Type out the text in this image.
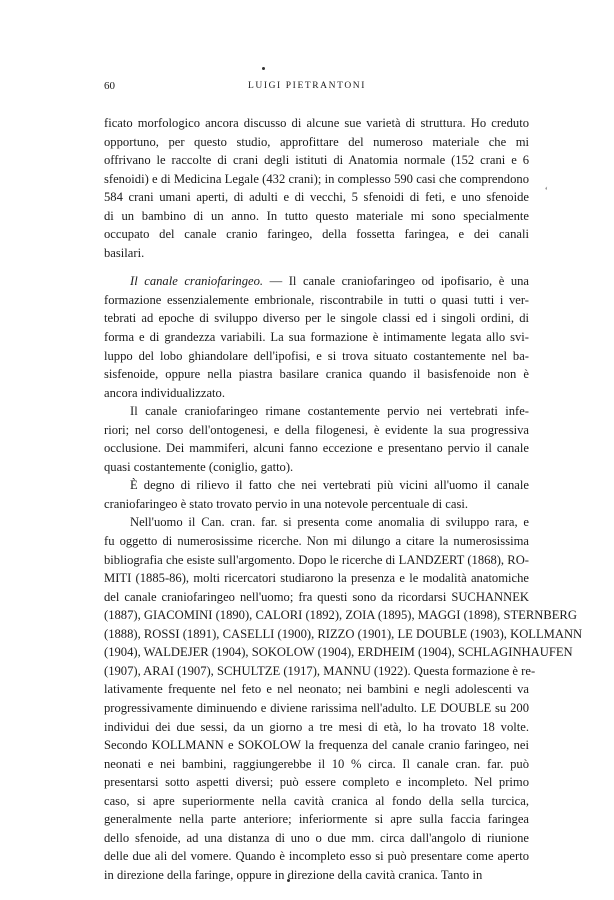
ʻ
60	LUIGI PIETRANTONI
ficato morfologico ancora discusso di alcune sue varietà di struttura. Ho creduto
opportuno, per questo studio, approfittare del numeroso materiale che mi
offrivano le raccolte di crani degli istituti di Anatomia normale (152 crani e 6
sfenoidi) e di Medicina Legale (432 crani); in complesso 590 casi che comprendono
584 crani umani aperti, di adulti e di vecchi, 5 sfenoidi di feti, e uno sfenoide
di un bambino di un anno. In tutto questo materiale mi sono specialmente
occupato del canale cranio faringeo, della fossetta faringea, e dei canali
basilari.
Il canale craniofaringeo. — Il canale craniofaringeo od ipofisario, è una
formazione essenzialemente embrionale, riscontrabile in tutti o quasi tutti i ver-
tebrati ad epoche di sviluppo diverso per le singole classi ed i singoli ordini, di
forma e di grandezza variabili. La sua formazione è intimamente legata allo svi-
luppo del lobo ghiandolare dell'ipofisi, e si trova situato costantemente nel ba-
sisfenoide, oppure nella piastra basilare cranica quando il basisfenoide non è
ancora individualizzato.
Il canale craniofaringeo rimane costantemente pervio nei vertebrati infe-
riori; nel corso dell'ontogenesi, e della filogenesi, è evidente la sua progressiva
occlusione. Dei mammiferi, alcuni fanno eccezione e presentano pervio il canale
quasi costantemente (coniglio, gatto).
È degno di rilievo il fatto che nei vertebrati più vicini all'uomo il canale
craniofaringeo è stato trovato pervio in una notevole percentuale di casi.
Nell'uomo il Can. cran. far. si presenta come anomalia di sviluppo rara, e
fu oggetto di numerosissime ricerche. Non mi dilungo a citare la numerosissima
bibliografia che esiste sull'argomento. Dopo le ricerche di LANDZERT (1868), RO-
MITI (1885-86), molti ricercatori studiarono la presenza e le modalità anatomiche
del canale craniofaringeo nell'uomo; fra questi sono da ricordarsi SUCHANNEK
(1887), GIACOMINI (1890), CALORI (1892), ZOIA (1895), MAGGI (1898), STERNBERG
(1888), ROSSI (1891), CASELLI (1900), RIZZO (1901), LE DOUBLE (1903), KOLLMANN
(1904), WALDEJER (1904), SOKOLOW (1904), ERDHEIM (1904), SCHLAGINHAUFEN
(1907), ARAI (1907), SCHULTZE (1917), MANNU (1922). Questa formazione è re-
lativamente frequente nel feto e nel neonato; nei bambini e negli adolescenti va
progressivamente diminuendo e diviene rarissima nell'adulto. LE DOUBLE su 200
individui dei due sessi, da un giorno a tre mesi di età, lo ha trovato 18 volte.
Secondo KOLLMANN e SOKOLOW la frequenza del canale cranio faringeo, nei
neonati e nei bambini, raggiungerebbe il 10 % circa. Il canale cran. far. può
presentarsi sotto aspetti diversi; può essere completo e incompleto. Nel primo
caso, si apre superiormente nella cavità cranica al fondo della sella turcica,
generalmente nella parte anteriore; inferiormente si apre sulla faccia faringea
dello sfenoide, ad una distanza di uno o due mm. circa dall'angolo di riunione
delle due ali del vomere. Quando è incompleto esso si può presentare come aperto
in direzione della faringe, oppure in direzione della cavità cranica. Tanto in
